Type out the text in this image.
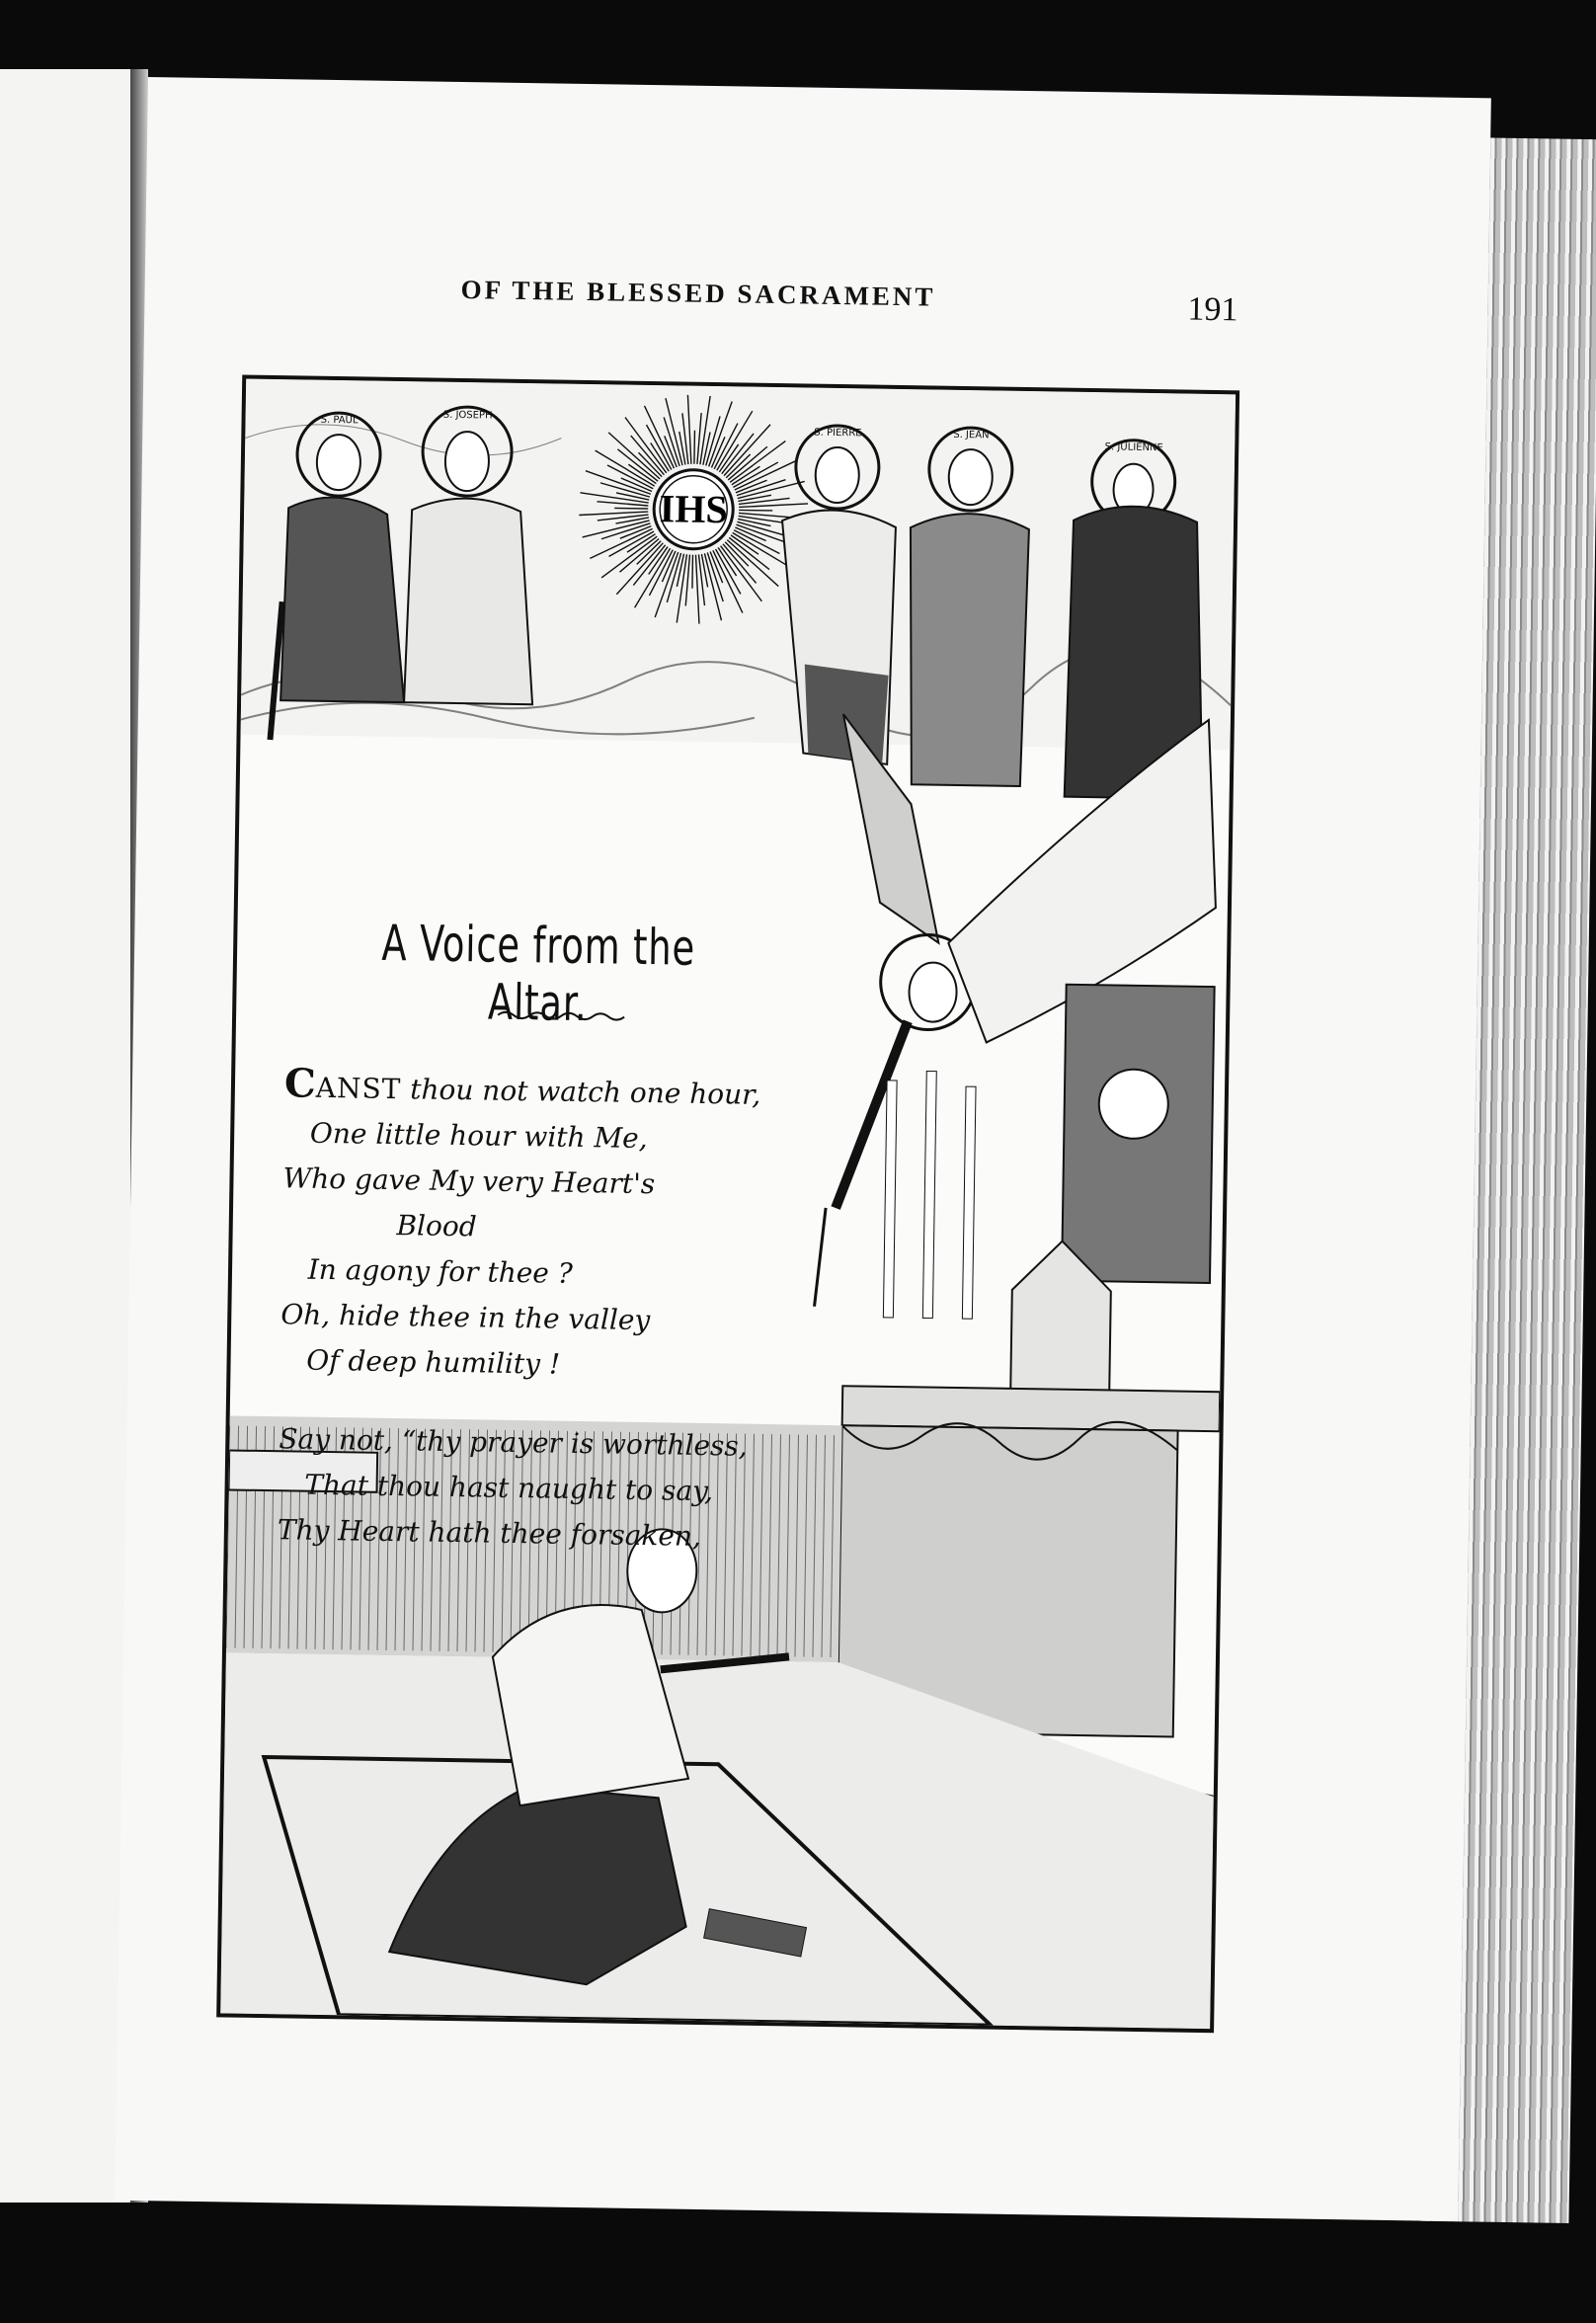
OF THE BLESSED SACRAMENT	191
IHS
S. PAUL	S. JOSEPH
S. PIERRE	S. JEAN
S. JULIENNE
A Voice from the Altar.
CANST thou not watch one hour,
One little hour with Me,
Who gave My very Heart's
Blood
In agony for thee ?
Oh, hide thee in the valley
Of deep humility !
Say not, “thy prayer is worthless,
That thou hast naught to say,
Thy Heart hath thee forsaken,
